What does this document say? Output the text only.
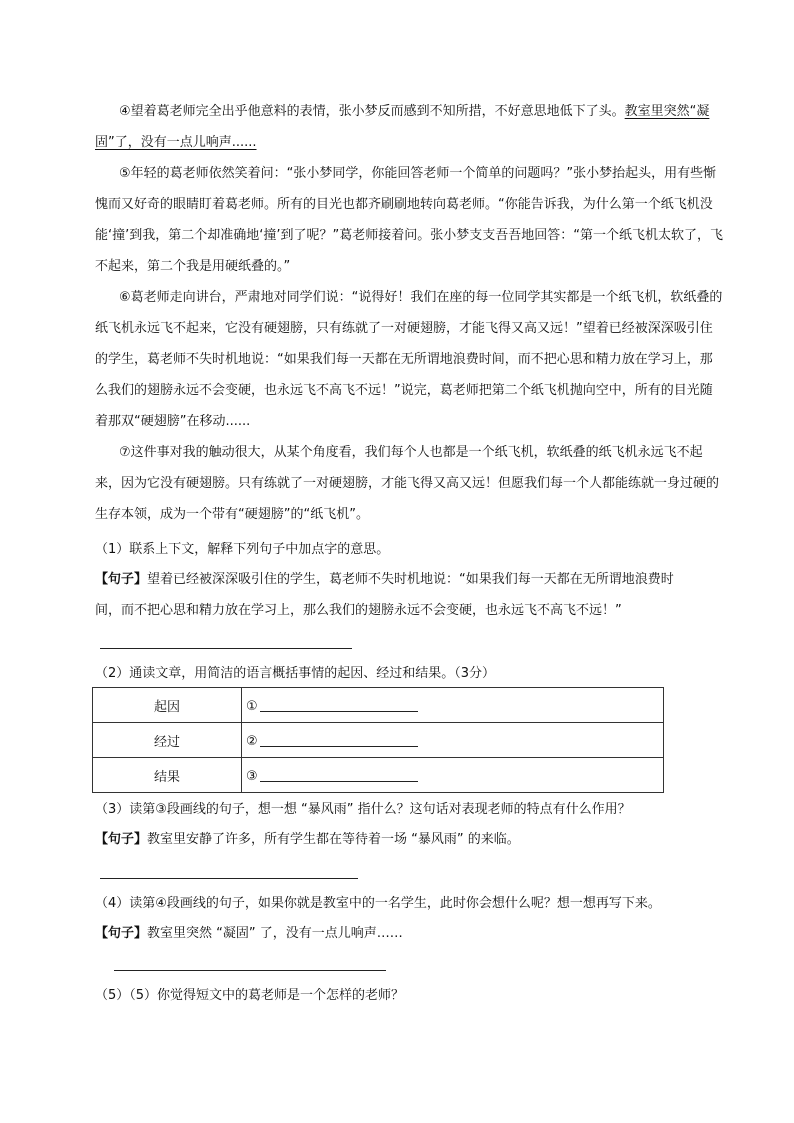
④望着葛老师完全出乎他意料的表情，张小梦反而感到不知所措，不好意思地低下了头。教室里突然“凝固”了，没有一点儿响声......
⑤年轻的葛老师依然笑着问：“张小梦同学，你能回答老师一个简单的问题吗？”张小梦抬起头，用有些惭愧而又好奇的眼睛盯着葛老师。所有的目光也都齐刷刷地转向葛老师。“你能告诉我，为什么第一个纸飞机没能‘撞’到我，第二个却准确地‘撞’到了呢？”葛老师接着问。张小梦支支吾吾地回答：“第一个纸飞机太软了，飞不起来，第二个我是用硬纸叠的。”
⑥葛老师走向讲台，严肃地对同学们说：“说得好！我们在座的每一位同学其实都是一个纸飞机，软纸叠的纸飞机永远飞不起来，它没有硬翅膀，只有练就了一对硬翅膀，才能飞得又高又远！”望着已经被深深吸引住的学生，葛老师不失时机地说：“如果我们每一天都在无所谓地浪费时间，而不把心思和精力放在学习上，那么我们的翅膀永远不会变硬，也永远飞不高飞不远！”说完，葛老师把第二个纸飞机抛向空中，所有的目光随着那双“硬翅膀”在移动......
⑦这件事对我的触动很大，从某个角度看，我们每个人也都是一个纸飞机，软纸叠的纸飞机永远飞不起来，因为它没有硬翅膀。只有练就了一对硬翅膀，才能飞得又高又远！但愿我们每一个人都能练就一身过硬的生存本领，成为一个带有“硬翅膀”的“纸飞机”。
（1）联系上下文，解释下列句子中加点字的意思。
【句子】望着已经被深深吸引住的学生，葛老师不失时机地说：“如果我们每一天都在无所谓地浪费时
间，而不把心思和精力放在学习上，那么我们的翅膀永远不会变硬，也永远飞不高飞不远！”
（2）通读文章，用简洁的语言概括事情的起因、经过和结果。（3分）
起因	①
经过	②
结果	③
（3）读第③段画线的句子，想一想 “暴风雨” 指什么？这句话对表现老师的特点有什么作用？
【句子】教室里安静了许多，所有学生都在等待着一场 “暴风雨” 的来临。
（4）读第④段画线的句子，如果你就是教室中的一名学生，此时你会想什么呢？想一想再写下来。
【句子】教室里突然 “凝固” 了，没有一点儿响声……
（5）（5）你觉得短文中的葛老师是一个怎样的老师？
